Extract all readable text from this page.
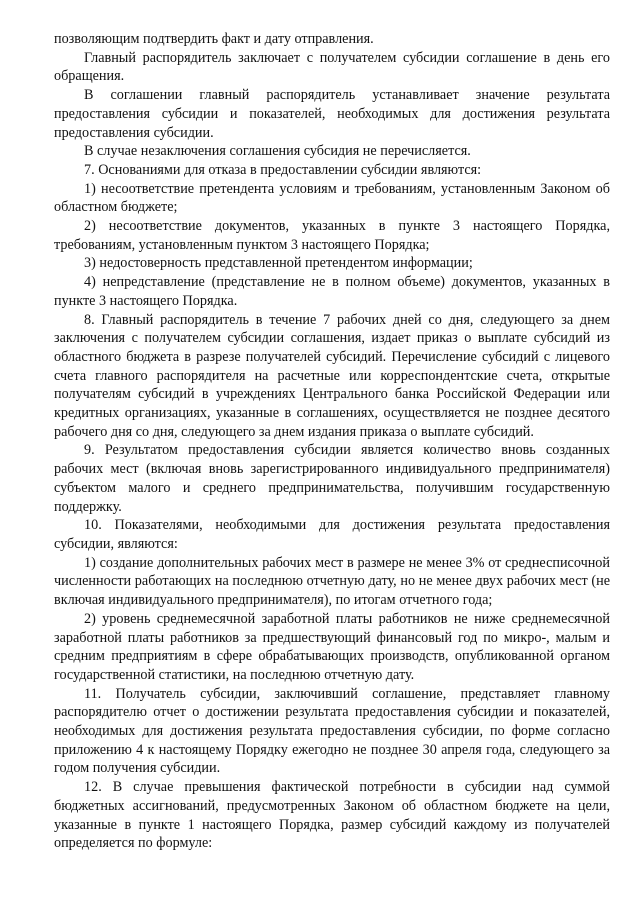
позволяющим подтвердить факт и дату отправления.

Главный распорядитель заключает с получателем субсидии соглашение в день его обращения.

В соглашении главный распорядитель устанавливает значение результата предоставления субсидии и показателей, необходимых для достижения результата предоставления субсидии.

В случае незаключения соглашения субсидия не перечисляется.

7. Основаниями для отказа в предоставлении субсидии являются:

1) несоответствие претендента условиям и требованиям, установленным Законом об областном бюджете;

2) несоответствие документов, указанных в пункте 3 настоящего Порядка, требованиям, установленным пунктом 3 настоящего Порядка;

3) недостоверность представленной претендентом информации;

4) непредставление (представление не в полном объеме) документов, указанных в пункте 3 настоящего Порядка.

8. Главный распорядитель в течение 7 рабочих дней со дня, следующего за днем заключения с получателем субсидии соглашения, издает приказ о выплате субсидий из областного бюджета в разрезе получателей субсидий. Перечисление субсидий с лицевого счета главного распорядителя на расчетные или корреспондентские счета, открытые получателям субсидий в учреждениях Центрального банка Российской Федерации или кредитных организациях, указанные в соглашениях, осуществляется не позднее десятого рабочего дня со дня, следующего за днем издания приказа о выплате субсидий.

9. Результатом предоставления субсидии является количество вновь созданных рабочих мест (включая вновь зарегистрированного индивидуального предпринимателя) субъектом малого и среднего предпринимательства, получившим государственную поддержку.

10. Показателями, необходимыми для достижения результата предоставления субсидии, являются:

1) создание дополнительных рабочих мест в размере не менее 3% от среднесписочной численности работающих на последнюю отчетную дату, но не менее двух рабочих мест (не включая индивидуального предпринимателя), по итогам отчетного года;

2) уровень среднемесячной заработной платы работников не ниже среднемесячной заработной платы работников за предшествующий финансовый год по микро-, малым и средним предприятиям в сфере обрабатывающих производств, опубликованной органом государственной статистики, на последнюю отчетную дату.

11. Получатель субсидии, заключивший соглашение, представляет главному распорядителю отчет о достижении результата предоставления субсидии и показателей, необходимых для достижения результата предоставления субсидии, по форме согласно приложению 4 к настоящему Порядку ежегодно не позднее 30 апреля года, следующего за годом получения субсидии.

12. В случае превышения фактической потребности в субсидии над суммой бюджетных ассигнований, предусмотренных Законом об областном бюджете на цели, указанные в пункте 1 настоящего Порядка, размер субсидий каждому из получателей определяется по формуле:
